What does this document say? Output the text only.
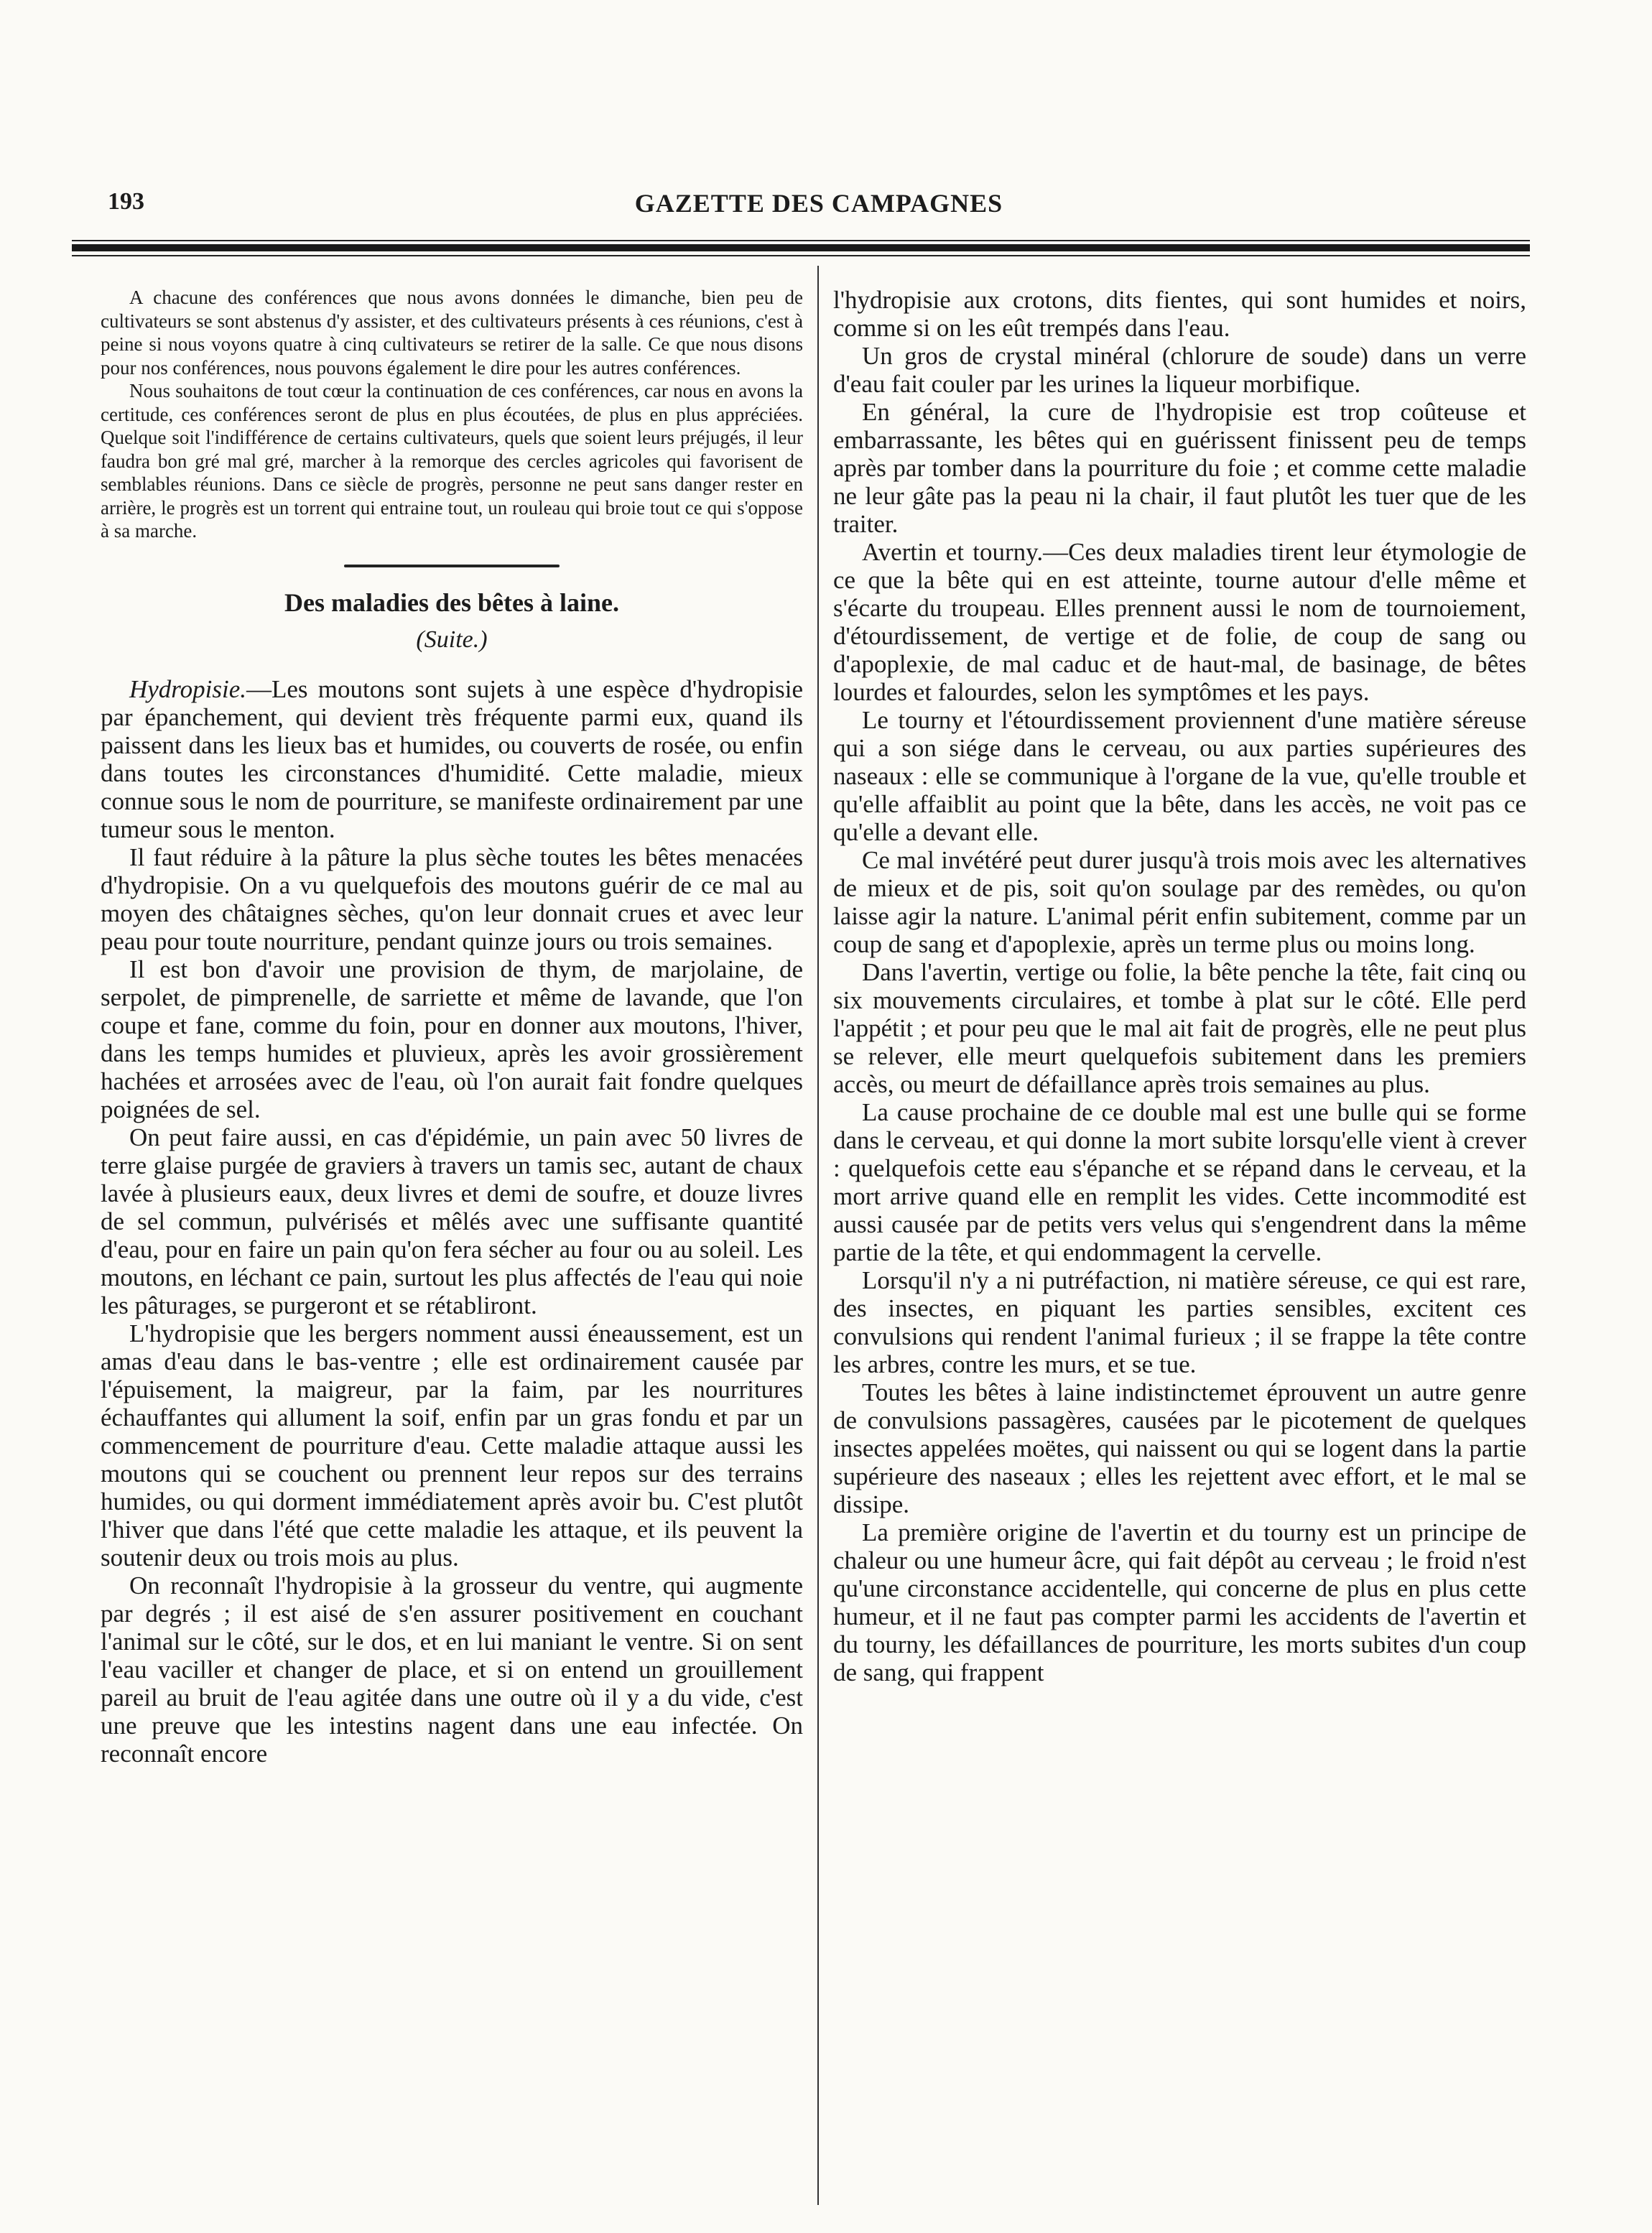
193	GAZETTE DES CAMPAGNES

A chacune des conférences que nous avons données le dimanche, bien peu de cultivateurs se sont abstenus d'y assister, et des cultivateurs présents à ces réunions, c'est à peine si nous voyons quatre à cinq cultivateurs se retirer de la salle. Ce que nous disons pour nos conférences, nous pouvons également le dire pour les autres conférences.

Nous souhaitons de tout cœur la continuation de ces conférences, car nous en avons la certitude, ces conférences seront de plus en plus écoutées, de plus en plus appréciées. Quelque soit l'indifférence de certains cultivateurs, quels que soient leurs préjugés, il leur faudra bon gré mal gré, marcher à la remorque des cercles agricoles qui favorisent de semblables réunions. Dans ce siècle de progrès, personne ne peut sans danger rester en arrière, le progrès est un torrent qui entraine tout, un rouleau qui broie tout ce qui s'oppose à sa marche.

Des maladies des bêtes à laine.
(Suite.)

Hydropisie.—Les moutons sont sujets à une espèce d'hydropisie par épanchement, qui devient très fréquente parmi eux, quand ils paissent dans les lieux bas et humides, ou couverts de rosée, ou enfin dans toutes les circonstances d'humidité. Cette maladie, mieux connue sous le nom de pourriture, se manifeste ordinairement par une tumeur sous le menton.

Il faut réduire à la pâture la plus sèche toutes les bêtes menacées d'hydropisie. On a vu quelquefois des moutons guérir de ce mal au moyen des châtaignes sèches, qu'on leur donnait crues et avec leur peau pour toute nourriture, pendant quinze jours ou trois semaines.

Il est bon d'avoir une provision de thym, de marjolaine, de serpolet, de pimprenelle, de sarriette et même de lavande, que l'on coupe et fane, comme du foin, pour en donner aux moutons, l'hiver, dans les temps humides et pluvieux, après les avoir grossièrement hachées et arrosées avec de l'eau, où l'on aurait fait fondre quelques poignées de sel.

On peut faire aussi, en cas d'épidémie, un pain avec 50 livres de terre glaise purgée de graviers à travers un tamis sec, autant de chaux lavée à plusieurs eaux, deux livres et demi de soufre, et douze livres de sel commun, pulvérisés et mêlés avec une suffisante quantité d'eau, pour en faire un pain qu'on fera sécher au four ou au soleil. Les moutons, en léchant ce pain, surtout les plus affectés de l'eau qui noie les pâturages, se purgeront et se rétabliront.

L'hydropisie que les bergers nomment aussi éneaussement, est un amas d'eau dans le bas-ventre ; elle est ordinairement causée par l'épuisement, la maigreur, par la faim, par les nourritures échauffantes qui allument la soif, enfin par un gras fondu et par un commencement de pourriture d'eau. Cette maladie attaque aussi les moutons qui se couchent ou prennent leur repos sur des terrains humides, ou qui dorment immédiatement après avoir bu. C'est plutôt l'hiver que dans l'été que cette maladie les attaque, et ils peuvent la soutenir deux ou trois mois au plus.

On reconnaît l'hydropisie à la grosseur du ventre, qui augmente par degrés ; il est aisé de s'en assurer positivement en couchant l'animal sur le côté, sur le dos, et en lui maniant le ventre. Si on sent l'eau vaciller et changer de place, et si on entend un grouillement pareil au bruit de l'eau agitée dans une outre où il y a du vide, c'est une preuve que les intestins nagent dans une eau infectée. On reconnaît encore

l'hydropisie aux crotons, dits fientes, qui sont humides et noirs, comme si on les eût trempés dans l'eau.

Un gros de crystal minéral (chlorure de soude) dans un verre d'eau fait couler par les urines la liqueur morbifique.

En général, la cure de l'hydropisie est trop coûteuse et embarrassante, les bêtes qui en guérissent finissent peu de temps après par tomber dans la pourriture du foie ; et comme cette maladie ne leur gâte pas la peau ni la chair, il faut plutôt les tuer que de les traiter.

Avertin et tourny.—Ces deux maladies tirent leur étymologie de ce que la bête qui en est atteinte, tourne autour d'elle même et s'écarte du troupeau. Elles prennent aussi le nom de tournoiement, d'étourdissement, de vertige et de folie, de coup de sang ou d'apoplexie, de mal caduc et de haut-mal, de basinage, de bêtes lourdes et falourdes, selon les symptômes et les pays.

Le tourny et l'étourdissement proviennent d'une matière séreuse qui a son siége dans le cerveau, ou aux parties supérieures des naseaux : elle se communique à l'organe de la vue, qu'elle trouble et qu'elle affaiblit au point que la bête, dans les accès, ne voit pas ce qu'elle a devant elle.

Ce mal invétéré peut durer jusqu'à trois mois avec les alternatives de mieux et de pis, soit qu'on soulage par des remèdes, ou qu'on laisse agir la nature. L'animal périt enfin subitement, comme par un coup de sang et d'apoplexie, après un terme plus ou moins long.

Dans l'avertin, vertige ou folie, la bête penche la tête, fait cinq ou six mouvements circulaires, et tombe à plat sur le côté. Elle perd l'appétit ; et pour peu que le mal ait fait de progrès, elle ne peut plus se relever, elle meurt quelquefois subitement dans les premiers accès, ou meurt de défaillance après trois semaines au plus.

La cause prochaine de ce double mal est une bulle qui se forme dans le cerveau, et qui donne la mort subite lorsqu'elle vient à crever : quelquefois cette eau s'épanche et se répand dans le cerveau, et la mort arrive quand elle en remplit les vides. Cette incommodité est aussi causée par de petits vers velus qui s'engendrent dans la même partie de la tête, et qui endommagent la cervelle.

Lorsqu'il n'y a ni putréfaction, ni matière séreuse, ce qui est rare, des insectes, en piquant les parties sensibles, excitent ces convulsions qui rendent l'animal furieux ; il se frappe la tête contre les arbres, contre les murs, et se tue.

Toutes les bêtes à laine indistinctemet éprouvent un autre genre de convulsions passagères, causées par le picotement de quelques insectes appelées moëtes, qui naissent ou qui se logent dans la partie supérieure des naseaux ; elles les rejettent avec effort, et le mal se dissipe.

La première origine de l'avertin et du tourny est un principe de chaleur ou une humeur âcre, qui fait dépôt au cerveau ; le froid n'est qu'une circonstance accidentelle, qui concerne de plus en plus cette humeur, et il ne faut pas compter parmi les accidents de l'avertin et du tourny, les défaillances de pourriture, les morts subites d'un coup de sang, qui frappent
